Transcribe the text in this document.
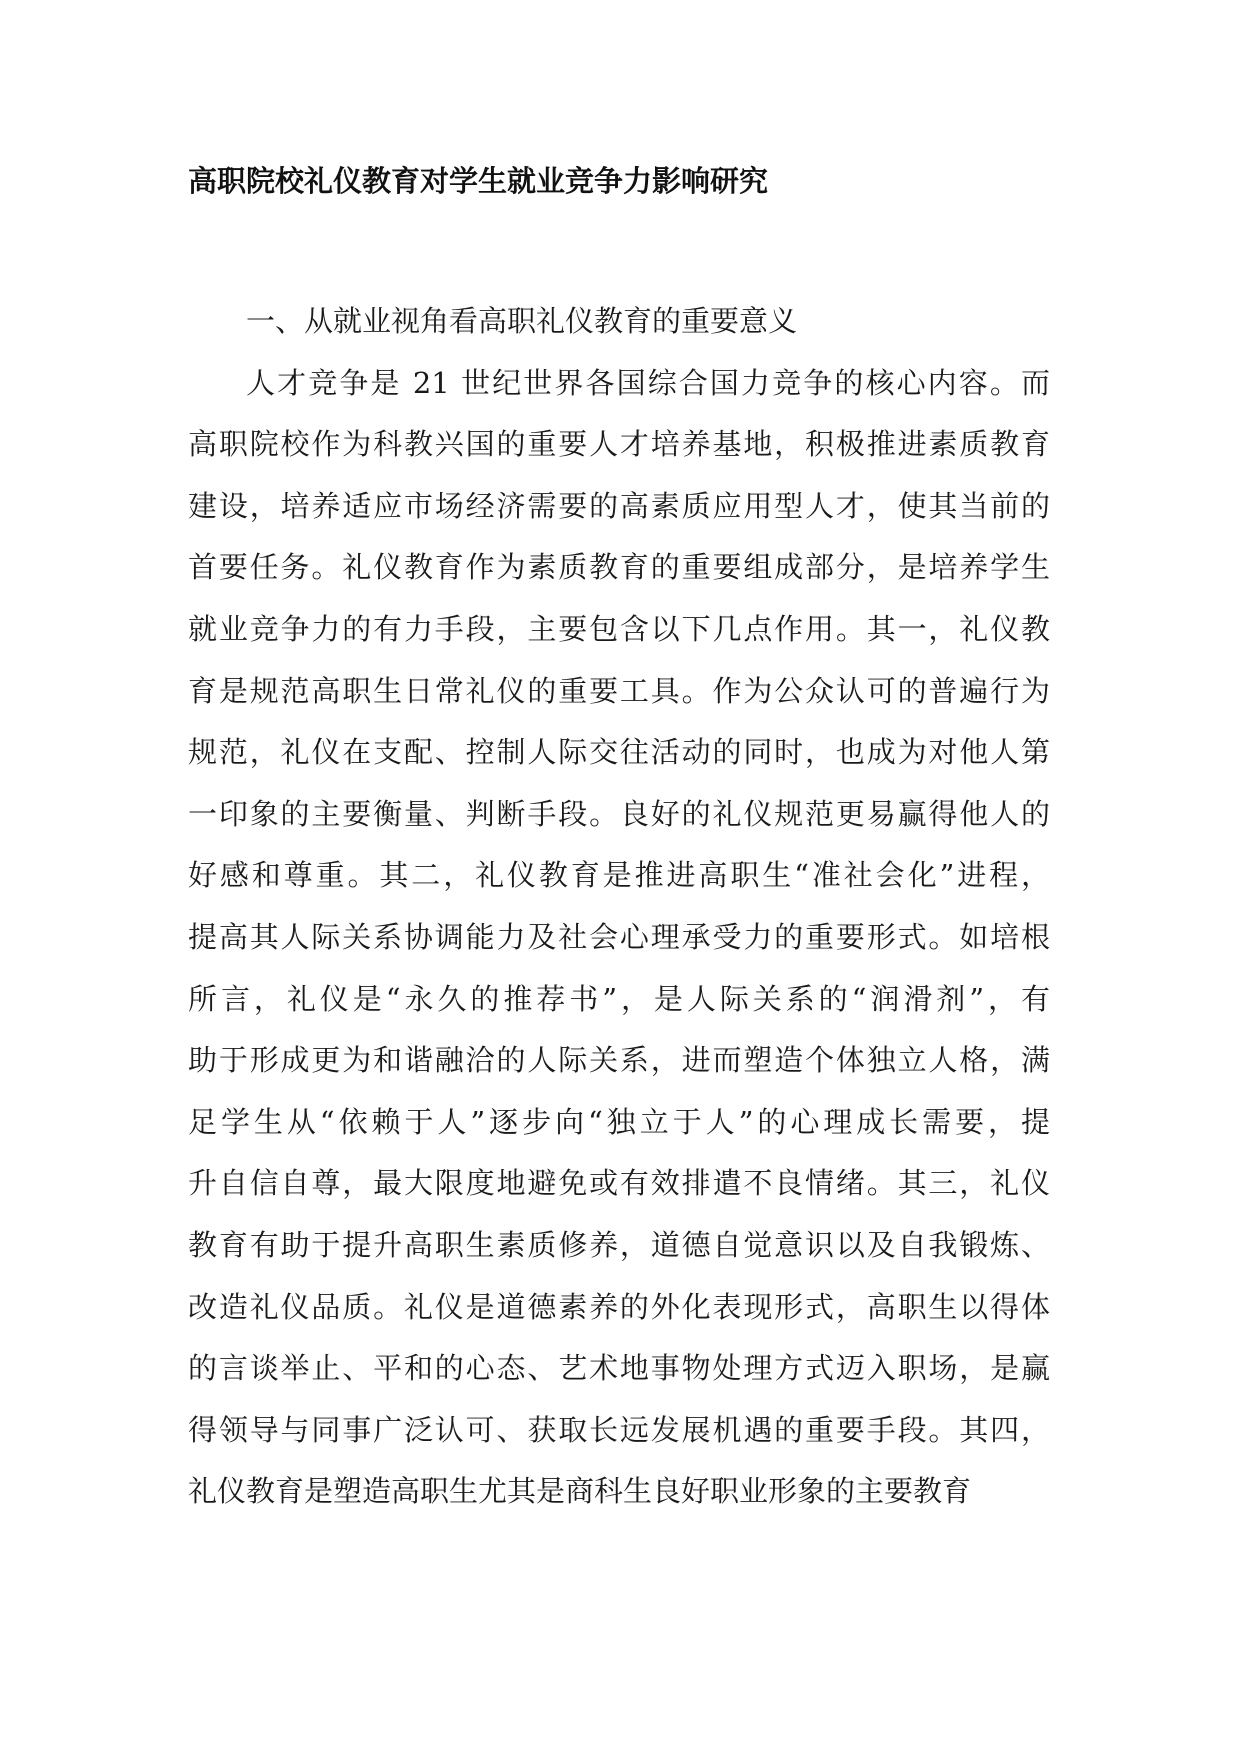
高职院校礼仪教育对学生就业竞争力影响研究
一、从就业视角看高职礼仪教育的重要意义

人才竞争是 21 世纪世界各国综合国力竞争的核心内容。而
高职院校作为科教兴国的重要人才培养基地，积极推进素质教育
建设，培养适应市场经济需要的高素质应用型人才，使其当前的
首要任务。礼仪教育作为素质教育的重要组成部分，是培养学生
就业竞争力的有力手段，主要包含以下几点作用。其一，礼仪教
育是规范高职生日常礼仪的重要工具。作为公众认可的普遍行为
规范，礼仪在支配、控制人际交往活动的同时，也成为对他人第
一印象的主要衡量、判断手段。良好的礼仪规范更易赢得他人的
好感和尊重。其二，礼仪教育是推进高职生“准社会化”进程，
提高其人际关系协调能力及社会心理承受力的重要形式。如培根
所言，礼仪是“永久的推荐书”，是人际关系的“润滑剂”，有
助于形成更为和谐融洽的人际关系，进而塑造个体独立人格，满
足学生从“依赖于人”逐步向“独立于人”的心理成长需要，提
升自信自尊，最大限度地避免或有效排遣不良情绪。其三，礼仪
教育有助于提升高职生素质修养，道德自觉意识以及自我锻炼、
改造礼仪品质。礼仪是道德素养的外化表现形式，高职生以得体
的言谈举止、平和的心态、艺术地事物处理方式迈入职场，是赢
得领导与同事广泛认可、获取长远发展机遇的重要手段。其四，
礼仪教育是塑造高职生尤其是商科生良好职业形象的主要教育
